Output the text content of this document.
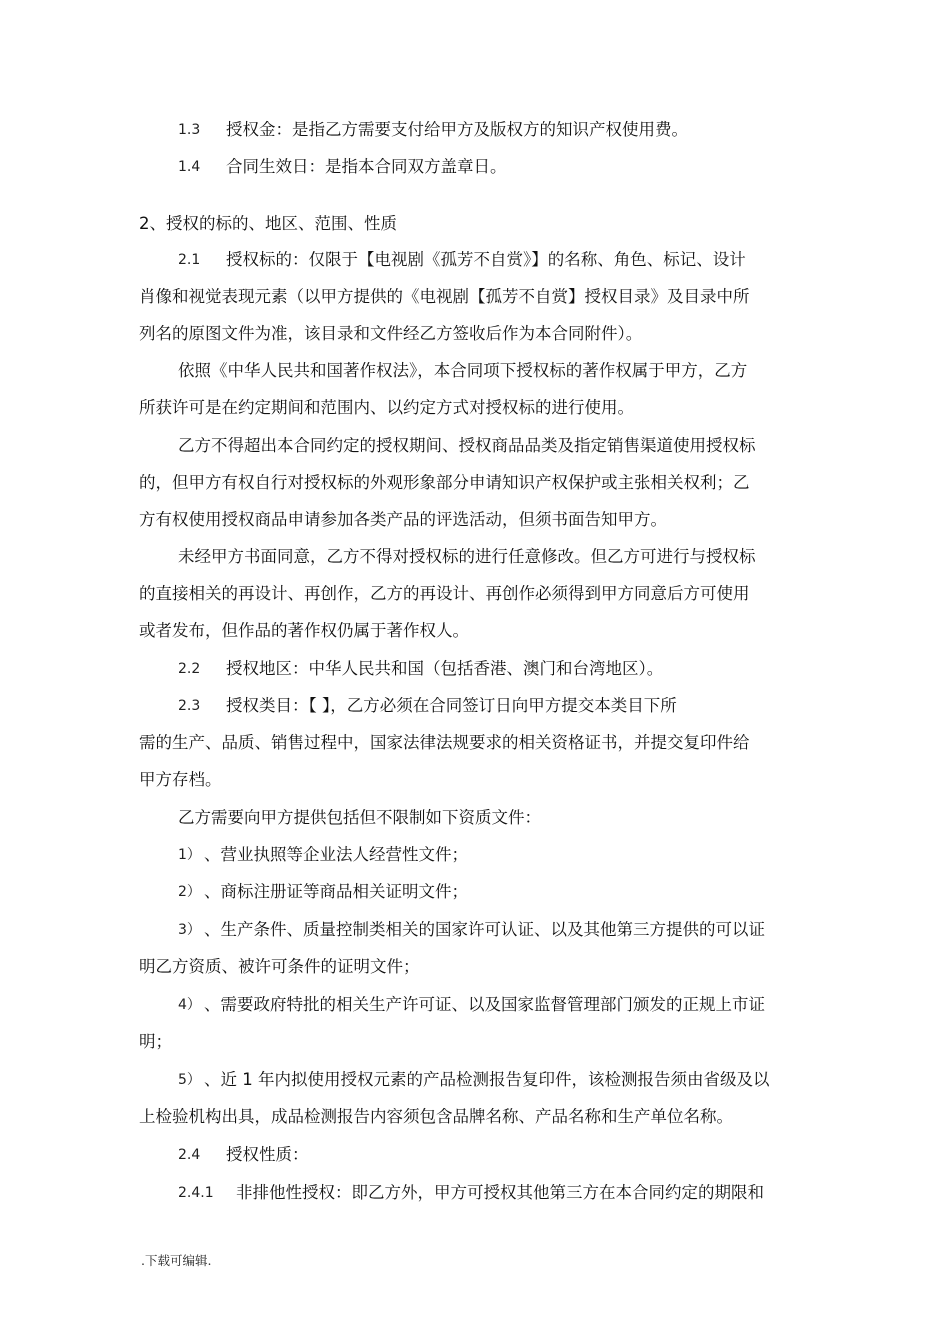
1.3 授权金：是指乙方需要支付给甲方及版权方的知识产权使用费。
1.4 合同生效日：是指本合同双方盖章日。
2、授权的标的、地区、范围、性质
2.1 授权标的：仅限于【电视剧《孤芳不自赏》】的名称、角色、标记、设计
肖像和视觉表现元素（以甲方提供的《电视剧【孤芳不自赏】授权目录》及目录中所
列名的原图文件为准，该目录和文件经乙方签收后作为本合同附件）。
依照《中华人民共和国著作权法》，本合同项下授权标的著作权属于甲方，乙方
所获许可是在约定期间和范围内、以约定方式对授权标的进行使用。
乙方不得超出本合同约定的授权期间、授权商品品类及指定销售渠道使用授权标
的，但甲方有权自行对授权标的外观形象部分申请知识产权保护或主张相关权利；乙
方有权使用授权商品申请参加各类产品的评选活动，但须书面告知甲方。
未经甲方书面同意，乙方不得对授权标的进行任意修改。但乙方可进行与授权标
的直接相关的再设计、再创作，乙方的再设计、再创作必须得到甲方同意后方可使用
或者发布，但作品的著作权仍属于著作权人。
2.2 授权地区：中华人民共和国（包括香港、澳门和台湾地区）。
2.3 授权类目：【 】，乙方必须在合同签订日向甲方提交本类目下所
需的生产、品质、销售过程中，国家法律法规要求的相关资格证书，并提交复印件给
甲方存档。
乙方需要向甲方提供包括但不限制如下资质文件：
1） 、营业执照等企业法人经营性文件；
2） 、商标注册证等商品相关证明文件；
3） 、生产条件、质量控制类相关的国家许可认证、以及其他第三方提供的可以证
明乙方资质、被许可条件的证明文件；
4） 、需要政府特批的相关生产许可证、以及国家监督管理部门颁发的正规上市证
明；
5） 、近 1 年内拟使用授权元素的产品检测报告复印件，该检测报告须由省级及以
上检验机构出具，成品检测报告内容须包含品牌名称、产品名称和生产单位名称。
2.4 授权性质：
2.4.1 非排他性授权：即乙方外，甲方可授权其他第三方在本合同约定的期限和
.下载可编辑.
